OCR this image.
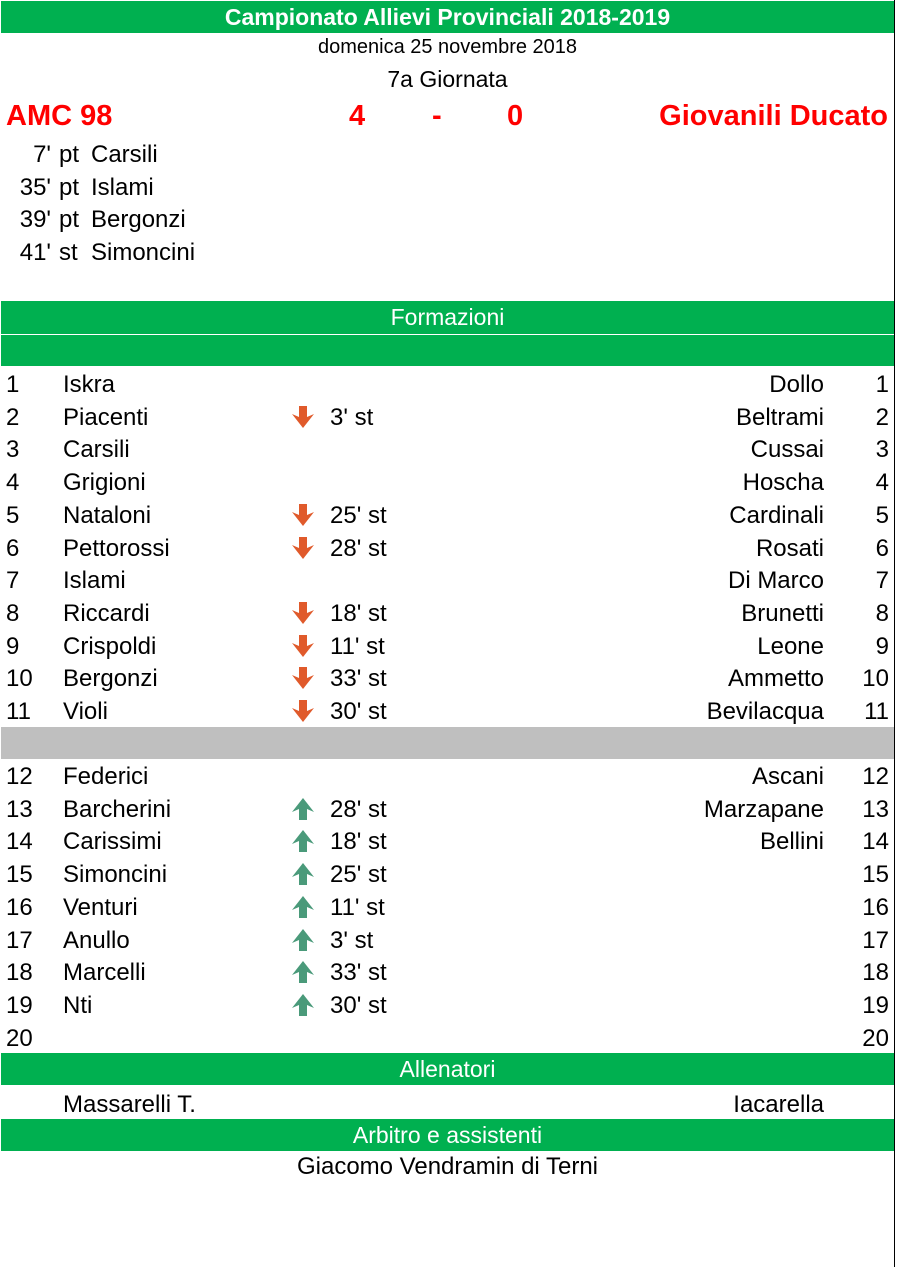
Campionato Allievi Provinciali 2018-2019
domenica 25 novembre 2018
7a Giornata
AMC 98	4 - 0	Giovanili Ducato
7' pt Carsili
35' pt Islami
39' pt Bergonzi
41' st Simoncini
Formazioni
1 Iskra	Dollo 1
2 Piacenti	3' st	Beltrami 2
3 Carsili	Cussai 3
4 Grigioni	Hoscha 4
5 Nataloni	25' st	Cardinali 5
6 Pettorossi	28' st	Rosati 6
7 Islami	Di Marco 7
8 Riccardi	18' st	Brunetti 8
9 Crispoldi	11' st	Leone 9
10 Bergonzi	33' st	Ammetto 10
11 Violi	30' st	Bevilacqua 11
12 Federici	Ascani 12
13 Barcherini	28' st	Marzapane 13
14 Carissimi	18' st	Bellini 14
15 Simoncini	25' st	15
16 Venturi	11' st	16
17 Anullo	3' st	17
18 Marcelli	33' st	18
19 Nti	30' st	19
20	20
Allenatori
Massarelli T.	Iacarella
Arbitro e assistenti
Giacomo Vendramin di Terni
